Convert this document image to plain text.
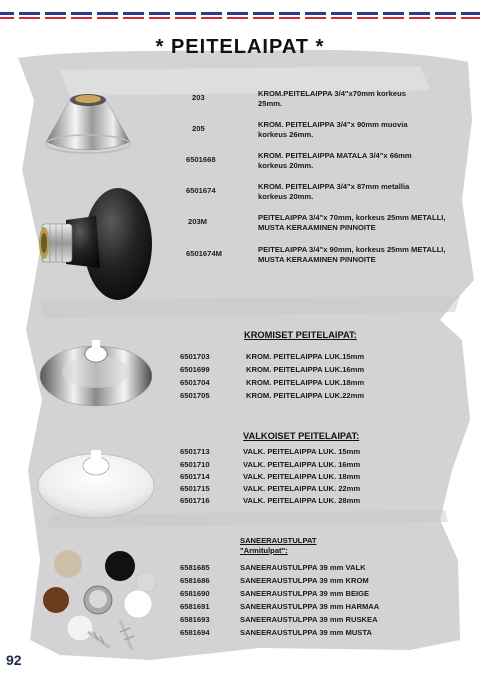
* PEITELAIPAT *
203	KROM.PEITELAIPPA 3/4"x70mm korkeus 25mm.
205	KROM. PEITELAIPPA 3/4"x 90mm muovia korkeus 26mm.
6501668	KROM. PEITELAIPPA MATALA 3/4"x 66mm korkeus 20mm.
6501674	KROM. PEITELAIPPA 3/4"x 87mm metallia korkeus 20mm.
203M	PEITELAIPPA 3/4"x 70mm, korkeus 25mm METALLI, MUSTA KERAAMINEN PINNOITE
6501674M	PEITELAIPPA 3/4"x 90mm, korkeus 25mm METALLI, MUSTA KERAAMINEN PINNOITE
KROMISET PEITELAIPAT:
6501703	KROM. PEITELAIPPA LUK.15mm
6501699	KROM. PEITELAIPPA LUK.16mm
6501704	KROM. PEITELAIPPA LUK.18mm
6501705	KROM. PEITELAIPPA LUK.22mm
VALKOISET PEITELAIPAT:
6501713	VALK. PEITELAIPPA LUK. 15mm
6501710	VALK. PEITELAIPPA LUK. 16mm
6501714	VALK. PEITELAIPPA LUK. 18mm
6501715	VALK. PEITELAIPPA LUK. 22mm
6501716	VALK. PEITELAIPPA LUK. 28mm
SANEERAUSTULPAT
"Armitulpat":
6581685	SANEERAUSTULPPA 39 mm VALK
6581686	SANEERAUSTULPPA 39 mm KROM
6581690	SANEERAUSTULPPA 39 mm BEIGE
6581691	SANEERAUSTULPPA 39 mm HARMAA
6581693	SANEERAUSTULPPA 39 mm RUSKEA
6581694	SANEERAUSTULPPA 39 mm MUSTA
92
